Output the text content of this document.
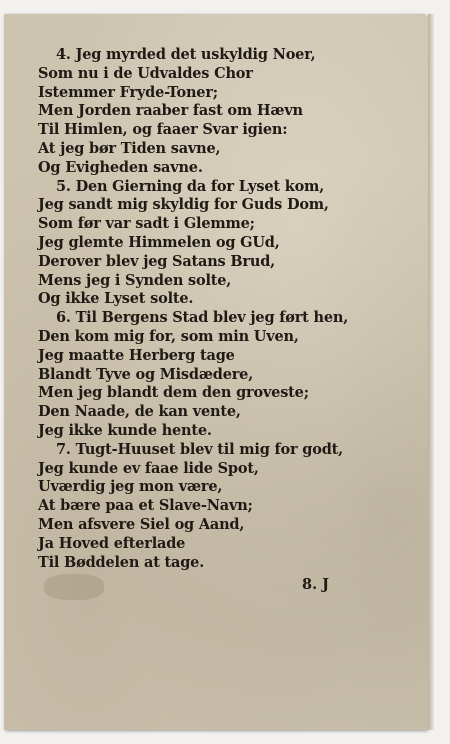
4. Jeg myrded det uskyldig Noer,
Som nu i de Udvaldes Chor
Istemmer Fryde-Toner;
Men Jorden raaber fast om Hævn
Til Himlen, og faaer Svar igien:
At jeg bør Tiden savne,
Og Evigheden savne.
5. Den Gierning da for Lyset kom,
Jeg sandt mig skyldig for Guds Dom,
Som før var sadt i Glemme;
Jeg glemte Himmelen og GUd,
Derover blev jeg Satans Brud,
Mens jeg i Synden solte,
Og ikke Lyset solte.
6. Til Bergens Stad blev jeg ført hen,
Den kom mig for, som min Uven,
Jeg maatte Herberg tage
Blandt Tyve og Misdædere,
Men jeg blandt dem den groveste;
Den Naade, de kan vente,
Jeg ikke kunde hente.
7. Tugt-Huuset blev til mig for godt,
Jeg kunde ev faae lide Spot,
Uværdig jeg mon være,
At bære paa et Slave-Navn;
Men afsvere Siel og Aand,
Ja Hoved efterlade
Til Bøddelen at tage.
8. J
